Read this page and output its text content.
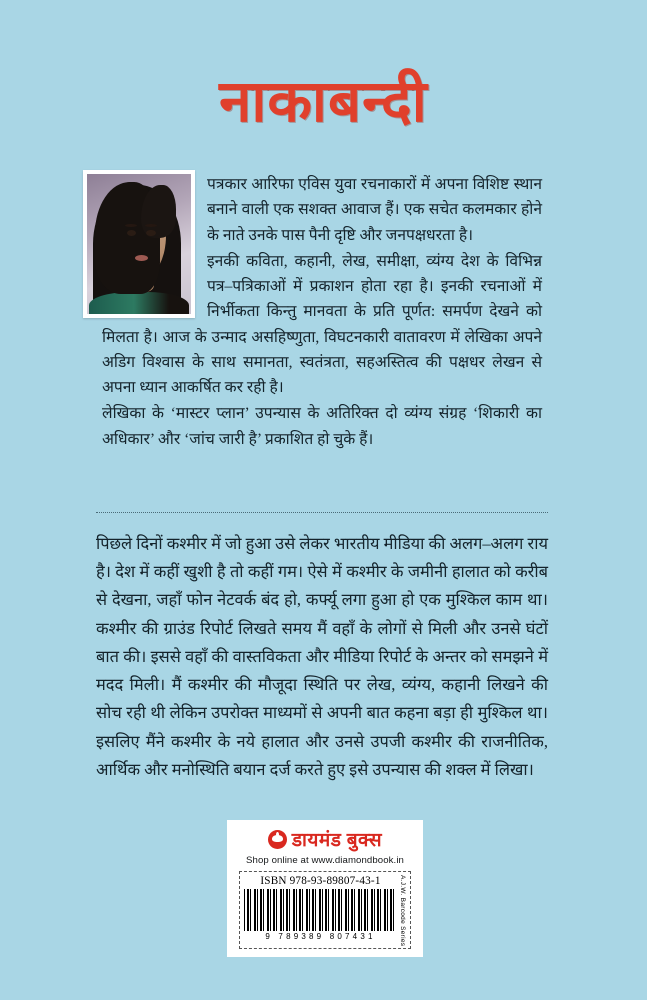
नाकाबन्दी

पत्रकार आरिफा एविस युवा रचनाकारों में अपना विशिष्ट स्थान बनाने वाली एक सशक्त आवाज हैं। एक सचेत कलमकार होने के नाते उनके पास पैनी दृष्टि और जनपक्षधरता है।

इनकी कविता, कहानी, लेख, समीक्षा, व्यंग्य देश के विभिन्न पत्र–पत्रिकाओं में प्रकाशन होता रहा है। इनकी रचनाओं में निर्भीकता किन्तु मानवता के प्रति पूर्णत: समर्पण देखने को मिलता है। आज के उन्माद असहिष्णुता, विघटनकारी वातावरण में लेखिका अपने अडिग विश्वास के साथ समानता, स्वतंत्रता, सहअस्तित्व की पक्षधर लेखन से अपना ध्यान आकर्षित कर रही है।

लेखिका के ‘मास्टर प्लान’ उपन्यास के अतिरिक्त दो व्यंग्य संग्रह ‘शिकारी का अधिकार’ और ‘जांच जारी है’ प्रकाशित हो चुके हैं।

पिछले दिनों कश्मीर में जो हुआ उसे लेकर भारतीय मीडिया की अलग–अलग राय है। देश में कहीं खुशी है तो कहीं गम। ऐसे में कश्मीर के जमीनी हालात को करीब से देखना, जहाँ फोन नेटवर्क बंद हो, कर्फ्यू लगा हुआ हो एक मुश्किल काम था। कश्मीर की ग्राउंड रिपोर्ट लिखते समय मैं वहाँ के लोगों से मिली और उनसे घंटों बात की। इससे वहाँ की वास्तविकता और मीडिया रिपोर्ट के अन्तर को समझने में मदद मिली। मैं कश्मीर की मौजूदा स्थिति पर लेख, व्यंग्य, कहानी लिखने की सोच रही थी लेकिन उपरोक्त माध्यमों से अपनी बात कहना बड़ा ही मुश्किल था। इसलिए मैंने कश्मीर के नये हालात और उनसे उपजी कश्मीर की राजनीतिक, आर्थिक और मनोस्थिति बयान दर्ज करते हुए इसे उपन्यास की शक्ल में लिखा।

डायमंड बुक्स
Shop online at www.diamondbook.in
ISBN 978-93-89807-43-1
9 789389 807431	A.J.W. Barcode Series
